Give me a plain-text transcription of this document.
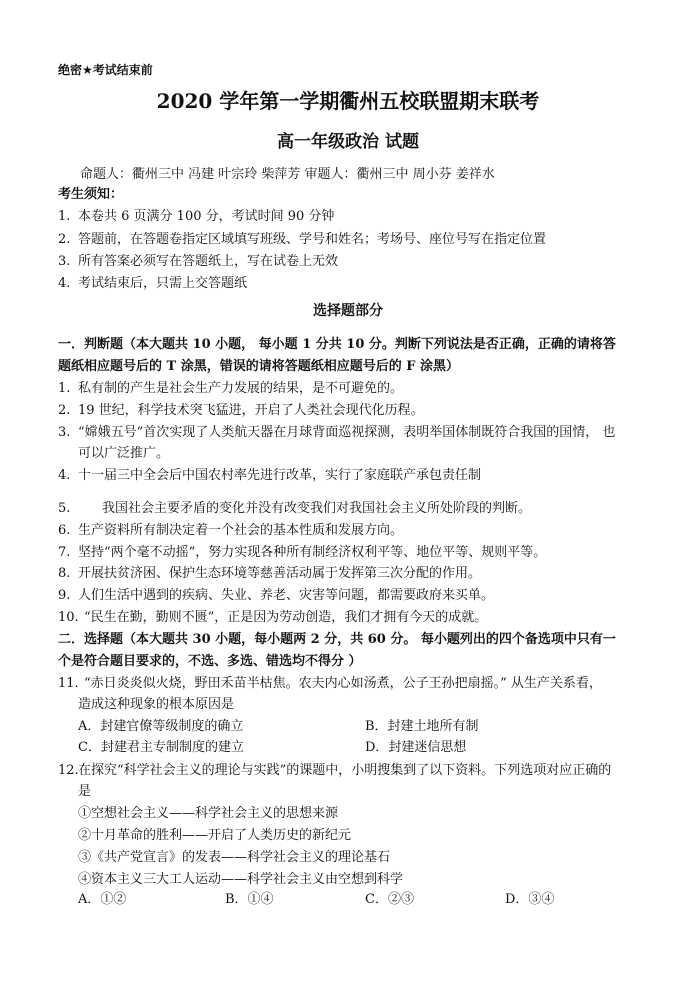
绝密★考试结束前
2020 学年第一学期衢州五校联盟期末联考
高一年级政治 试题
命题人：衢州三中 冯建 叶宗玲 柴萍芳 审题人：衢州三中 周小芬 姜祥水
考生须知：
1. 本卷共 6 页满分 100 分，考试时间 90 分钟
2. 答题前，在答题卷指定区域填写班级、学号和姓名；考场号、座位号写在指定位置
3. 所有答案必须写在答题纸上，写在试卷上无效
4. 考试结束后，只需上交答题纸
选择题部分
一．判断题（本大题共 10 小题， 每小题 1 分共 10 分。判断下列说法是否正确，正确的请将答
题纸相应题号后的 T 涂黑，错误的请将答题纸相应题号后的 F 涂黑）
1. 私有制的产生是社会生产力发展的结果，是不可避免的。
2. 19 世纪，科学技术突飞猛进，开启了人类社会现代化历程。
3. “嫦娥五号”首次实现了人类航天器在月球背面巡视探测，表明举国体制既符合我国的国情， 也
可以广泛推广。
4. 十一届三中全会后中国农村率先进行改革，实行了家庭联产承包责任制
5. 我国社会主要矛盾的变化并没有改变我们对我国社会主义所处阶段的判断。
6. 生产资料所有制决定着一个社会的基本性质和发展方向。
7. 坚持“两个毫不动摇”，努力实现各种所有制经济权利平等、地位平等、规则平等。
8. 开展扶贫济困、保护生态环境等慈善活动属于发挥第三次分配的作用。
9. 人们生活中遇到的疾病、失业、养老、灾害等问题，都需要政府来买单。
10. “民生在勤，勤则不匮”，正是因为劳动创造，我们才拥有今天的成就。
二．选择题（本大题共 30 小题，每小题两 2 分，共 60 分。 每小题列出的四个备选项中只有一
个是符合题目要求的，不选、多选、错选均不得分 ）
11. “赤日炎炎似火烧，野田禾苗半枯焦。农夫内心如汤煮，公子王孙把扇摇。” 从生产关系看，
造成这种现象的根本原因是
A．封建官僚等级制度的确立	B．封建土地所有制
C．封建君主专制制度的建立	D．封建迷信思想
12.在探究“科学社会主义的理论与实践”的课题中，小明搜集到了以下资料。下列选项对应正确的
是
①空想社会主义——科学社会主义的思想来源
②十月革命的胜利——开启了人类历史的新纪元
③《共产党宣言》的发表——科学社会主义的理论基石
④资本主义三大工人运动——科学社会主义由空想到科学
A．①②	B．①④	C．②③	D．③④
